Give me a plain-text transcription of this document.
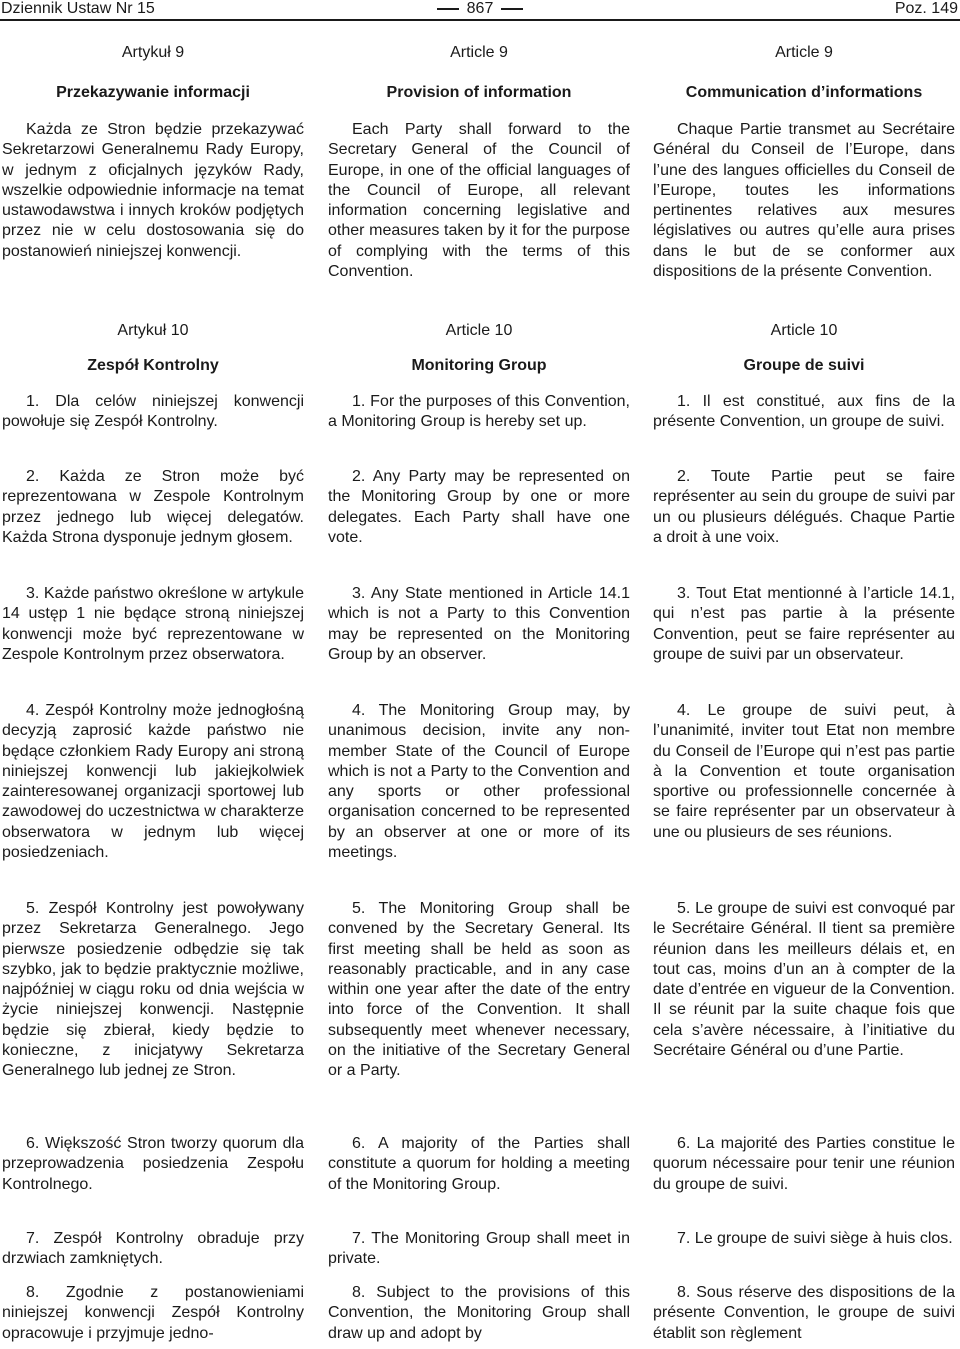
Dziennik Ustaw Nr 15	867	Poz. 149
Artykuł 9
Przekazywanie informacji

Każda ze Stron będzie przekazywać Sekretarzowi Generalnemu Rady Europy, w jednym z oficjalnych języków Rady, wszelkie odpowiednie informacje na temat ustawodawstwa i innych kroków podjętych przez nie w celu dostosowania się do postanowień niniejszej konwencji.

Artykuł 10
Zespół Kontrolny

1. Dla celów niniejszej konwencji powołuje się Zespół Kontrolny.

2. Każda ze Stron może być reprezentowana w Zespole Kontrolnym przez jednego lub więcej delegatów. Każda Strona dysponuje jednym głosem.

3. Każde państwo określone w artykule 14 ustęp 1 nie będące stroną niniejszej konwencji może być reprezentowane w Zespole Kontrolnym przez obserwatora.

4. Zespół Kontrolny może jednogłośną decyzją zaprosić każde państwo nie będące członkiem Rady Europy ani stroną niniejszej konwencji lub jakiejkolwiek zainteresowanej organizacji sportowej lub zawodowej do uczestnictwa w charakterze obserwatora w jednym lub więcej posiedzeniach.

5. Zespół Kontrolny jest powoływany przez Sekretarza Generalnego. Jego pierwsze posiedzenie odbędzie się tak szybko, jak to będzie praktycznie możliwe, najpóźniej w ciągu roku od dnia wejścia w życie niniejszej konwencji. Następnie będzie się zbierał, kiedy będzie to konieczne, z inicjatywy Sekretarza Generalnego lub jednej ze Stron.

6. Większość Stron tworzy quorum dla przeprowadzenia posiedzenia Zespołu Kontrolnego.

7. Zespół Kontrolny obraduje przy drzwiach zamkniętych.

8. Zgodnie z postanowieniami niniejszej konwencji Zespół Kontrolny opracowuje i przyjmuje jedno-

Article 9
Provision of information

Each Party shall forward to the Secretary General of the Council of Europe, in one of the official languages of the Council of Europe, all relevant information concerning legislative and other measures taken by it for the purpose of complying with the terms of this Convention.

Article 10
Monitoring Group

1. For the purposes of this Convention, a Monitoring Group is hereby set up.

2. Any Party may be represented on the Monitoring Group by one or more delegates. Each Party shall have one vote.

3. Any State mentioned in Article 14.1 which is not a Party to this Convention may be represented on the Monitoring Group by an observer.

4. The Monitoring Group may, by unanimous decision, invite any non-member State of the Council of Europe which is not a Party to the Convention and any sports or other professional organisation concerned to be represented by an observer at one or more of its meetings.

5. The Monitoring Group shall be convened by the Secretary General. Its first meeting shall be held as soon as reasonably practicable, and in any case within one year after the date of the entry into force of the Convention. It shall subsequently meet whenever necessary, on the initiative of the Secretary General or a Party.

6. A majority of the Parties shall constitute a quorum for holding a meeting of the Monitoring Group.

7. The Monitoring Group shall meet in private.

8. Subject to the provisions of this Convention, the Monitoring Group shall draw up and adopt by

Article 9
Communication d’informations

Chaque Partie transmet au Secrétaire Général du Conseil de l’Europe, dans l’une des langues officielles du Conseil de l’Europe, toutes les informations pertinentes relatives aux mesures législatives ou autres qu’elle aura prises dans le but de se conformer aux dispositions de la présente Convention.

Article 10
Groupe de suivi

1. Il est constitué, aux fins de la présente Convention, un groupe de suivi.

2. Toute Partie peut se faire représenter au sein du groupe de suivi par un ou plusieurs délégués. Chaque Partie a droit à une voix.

3. Tout Etat mentionné à l’article 14.1, qui n’est pas partie à la présente Convention, peut se faire représenter au groupe de suivi par un observateur.

4. Le groupe de suivi peut, à l’unanimité, inviter tout Etat non membre du Conseil de l’Europe qui n’est pas partie à la Convention et toute organisation sportive ou professionnelle concernée à se faire représenter par un observateur à une ou plusieurs de ses réunions.

5. Le groupe de suivi est convoqué par le Secrétaire Général. Il tient sa première réunion dans les meilleurs délais et, en tout cas, moins d’un an à compter de la date d’entrée en vigueur de la Convention. Il se réunit par la suite chaque fois que cela s’avère nécessaire, à l’initiative du Secrétaire Général ou d’une Partie.

6. La majorité des Parties constitue le quorum nécessaire pour tenir une réunion du groupe de suivi.

7. Le groupe de suivi siège à huis clos.

8. Sous réserve des dispositions de la présente Convention, le groupe de suivi établit son règlement
